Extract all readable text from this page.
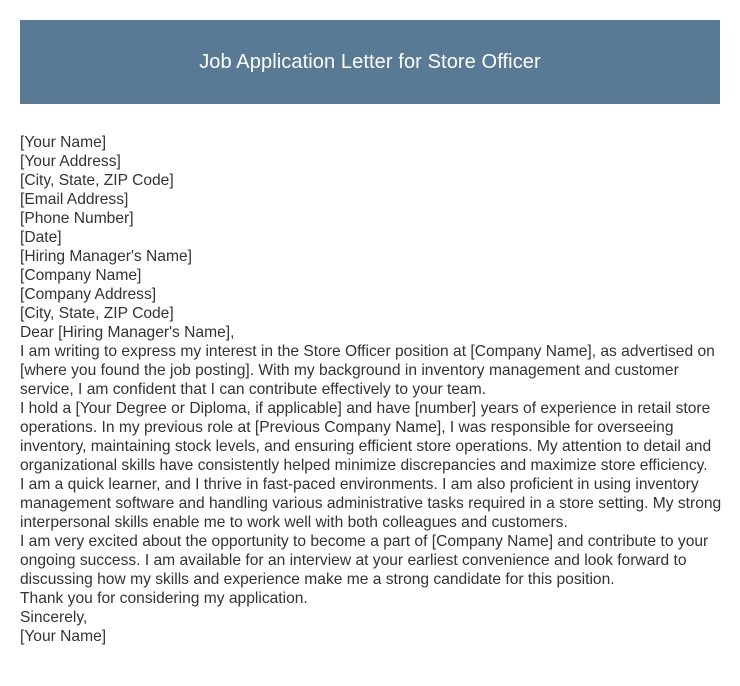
Job Application Letter for Store Officer
[Your Name]
[Your Address]
[City, State, ZIP Code]
[Email Address]
[Phone Number]
[Date]
[Hiring Manager's Name]
[Company Name]
[Company Address]
[City, State, ZIP Code]
Dear [Hiring Manager's Name],

I am writing to express my interest in the Store Officer position at [Company Name], as advertised on [where you found the job posting]. With my background in inventory management and customer service, I am confident that I can contribute effectively to your team.

I hold a [Your Degree or Diploma, if applicable] and have [number] years of experience in retail store operations. In my previous role at [Previous Company Name], I was responsible for overseeing inventory, maintaining stock levels, and ensuring efficient store operations. My attention to detail and organizational skills have consistently helped minimize discrepancies and maximize store efficiency.

I am a quick learner, and I thrive in fast-paced environments. I am also proficient in using inventory management software and handling various administrative tasks required in a store setting. My strong interpersonal skills enable me to work well with both colleagues and customers.

I am very excited about the opportunity to become a part of [Company Name] and contribute to your ongoing success. I am available for an interview at your earliest convenience and look forward to discussing how my skills and experience make me a strong candidate for this position.

Thank you for considering my application.

Sincerely,
[Your Name]
